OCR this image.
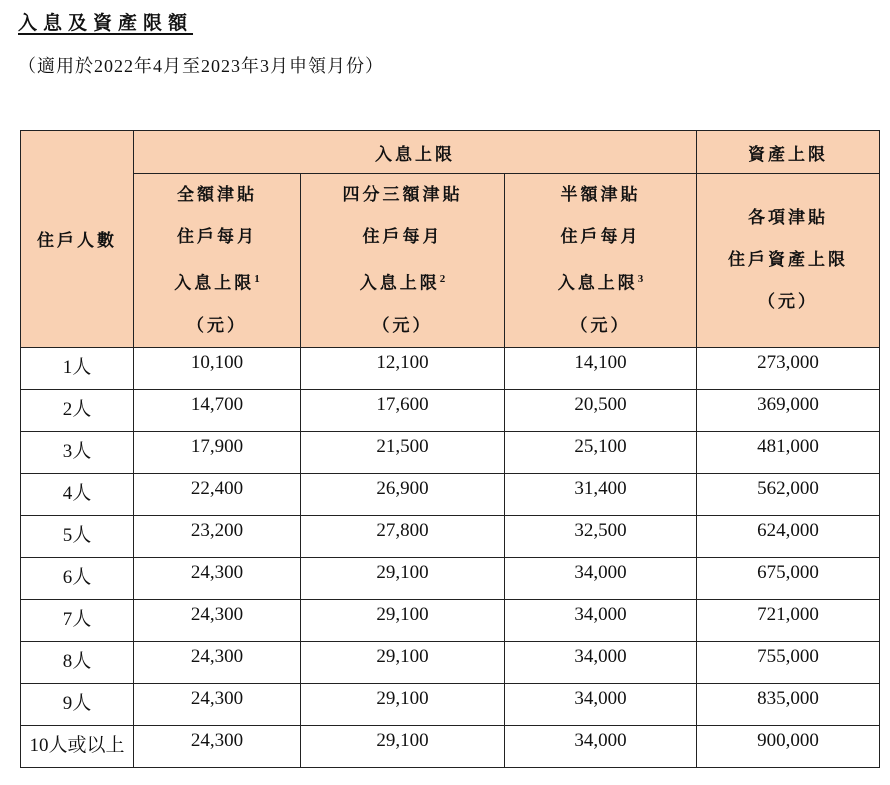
入息及資產限額
（適用於2022年4月至2023年3月申領月份）
住戶人數	入息上限			資產上限

	全額津貼
住戶每月
入息上限$^1$
（元）	四分三額津貼
住戶每月
入息上限$^2$
（元）	半額津貼
住戶每月
入息上限$^3$
（元）	各項津貼
住戶資產上限
（元）

1人	10,100	12,100	14,100	273,000
2人	14,700	17,600	20,500	369,000
3人	17,900	21,500	25,100	481,000
4人	22,400	26,900	31,400	562,000
5人	23,200	27,800	32,500	624,000
6人	24,300	29,100	34,000	675,000
7人	24,300	29,100	34,000	721,000
8人	24,300	29,100	34,000	755,000
9人	24,300	29,100	34,000	835,000
10人或以上	24,300	29,100	34,000	900,000
